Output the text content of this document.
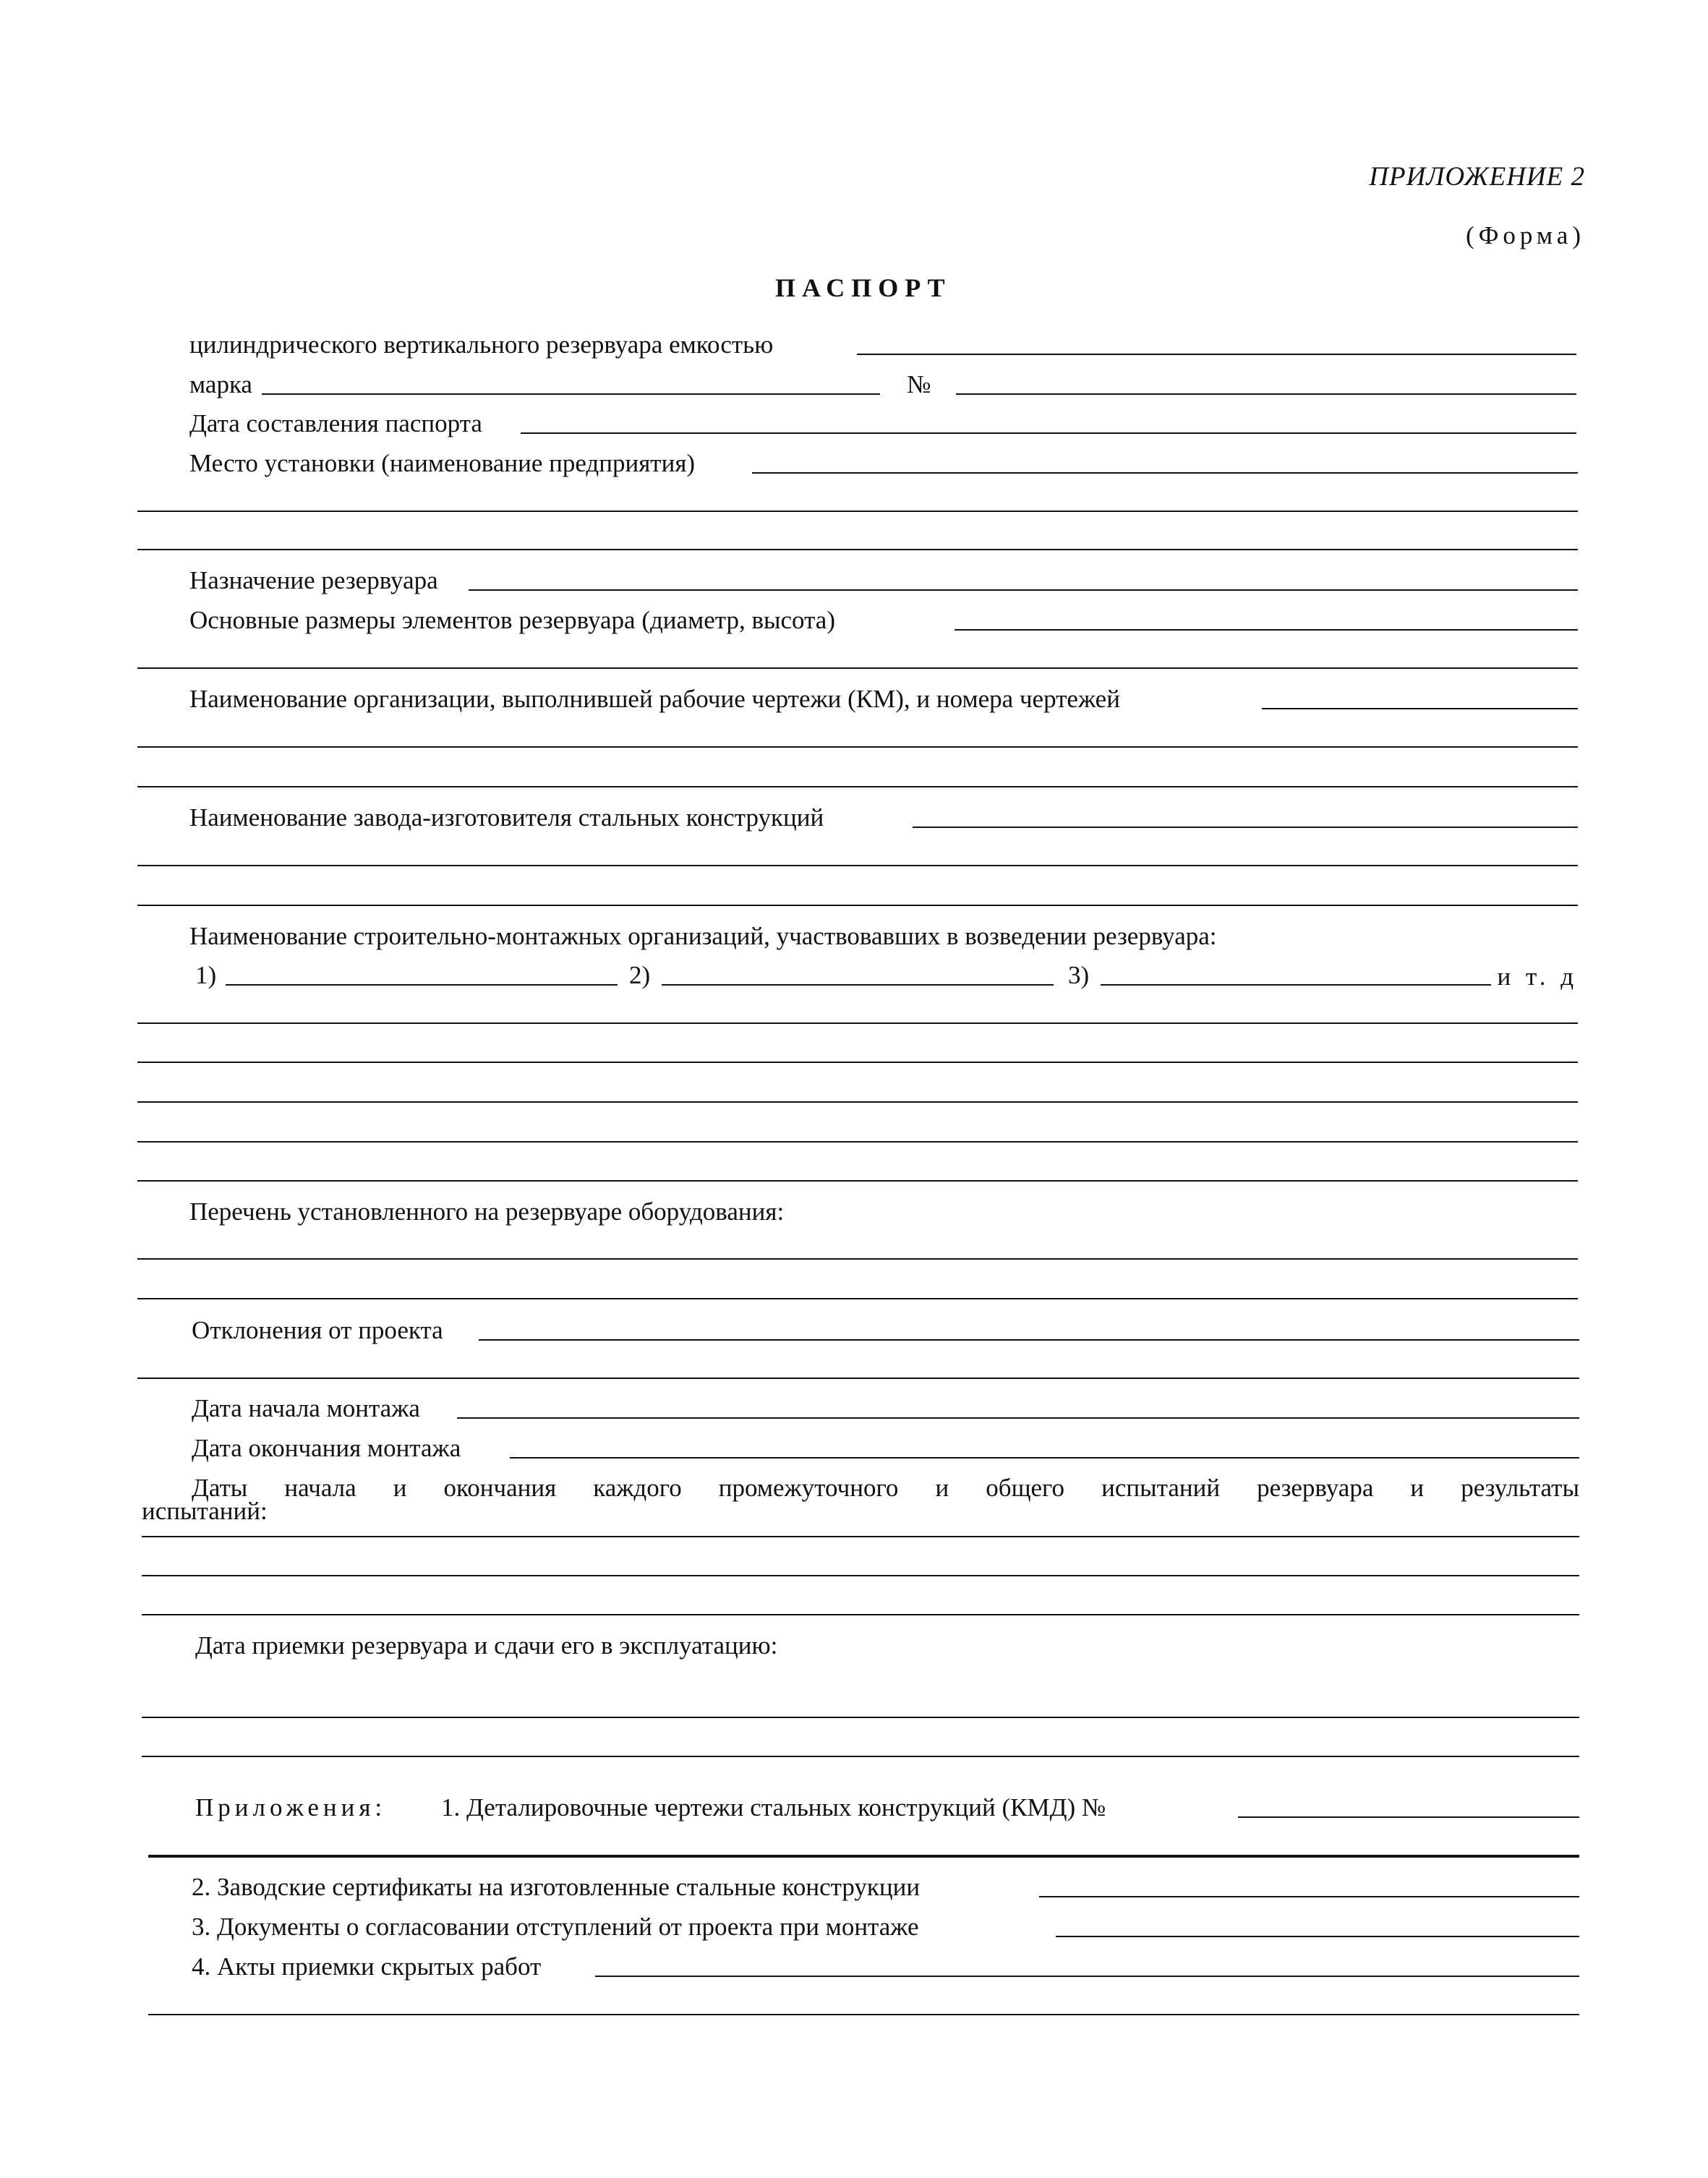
ПРИЛОЖЕНИЕ 2
(Форма)
ПАСПОРТ
цилиндрического вертикального резервуара емкостью
марка	№
Дата составления паспорта
Место установки (наименование предприятия)
Назначение резервуара
Основные размеры элементов резервуара (диаметр, высота)
Наименование организации, выполнившей рабочие чертежи (КМ), и номера чертежей
Наименование завода-изготовителя стальных конструкций
Наименование строительно-монтажных организаций, участвовавших в возведении резервуара:
1)	2)	3)	и т. д
Перечень установленного на резервуаре оборудования:
Отклонения от проекта
Дата начала монтажа
Дата окончания монтажа
Даты начала и окончания каждого промежуточного и общего испытаний резервуара и результаты
испытаний:
Дата приемки резервуара и сдачи его в эксплуатацию:
Приложения: 1. Деталировочные чертежи стальных конструкций (КМД) №
2. Заводские сертификаты на изготовленные стальные конструкции
3. Документы о согласовании отступлений от проекта при монтаже
4. Акты приемки скрытых работ
